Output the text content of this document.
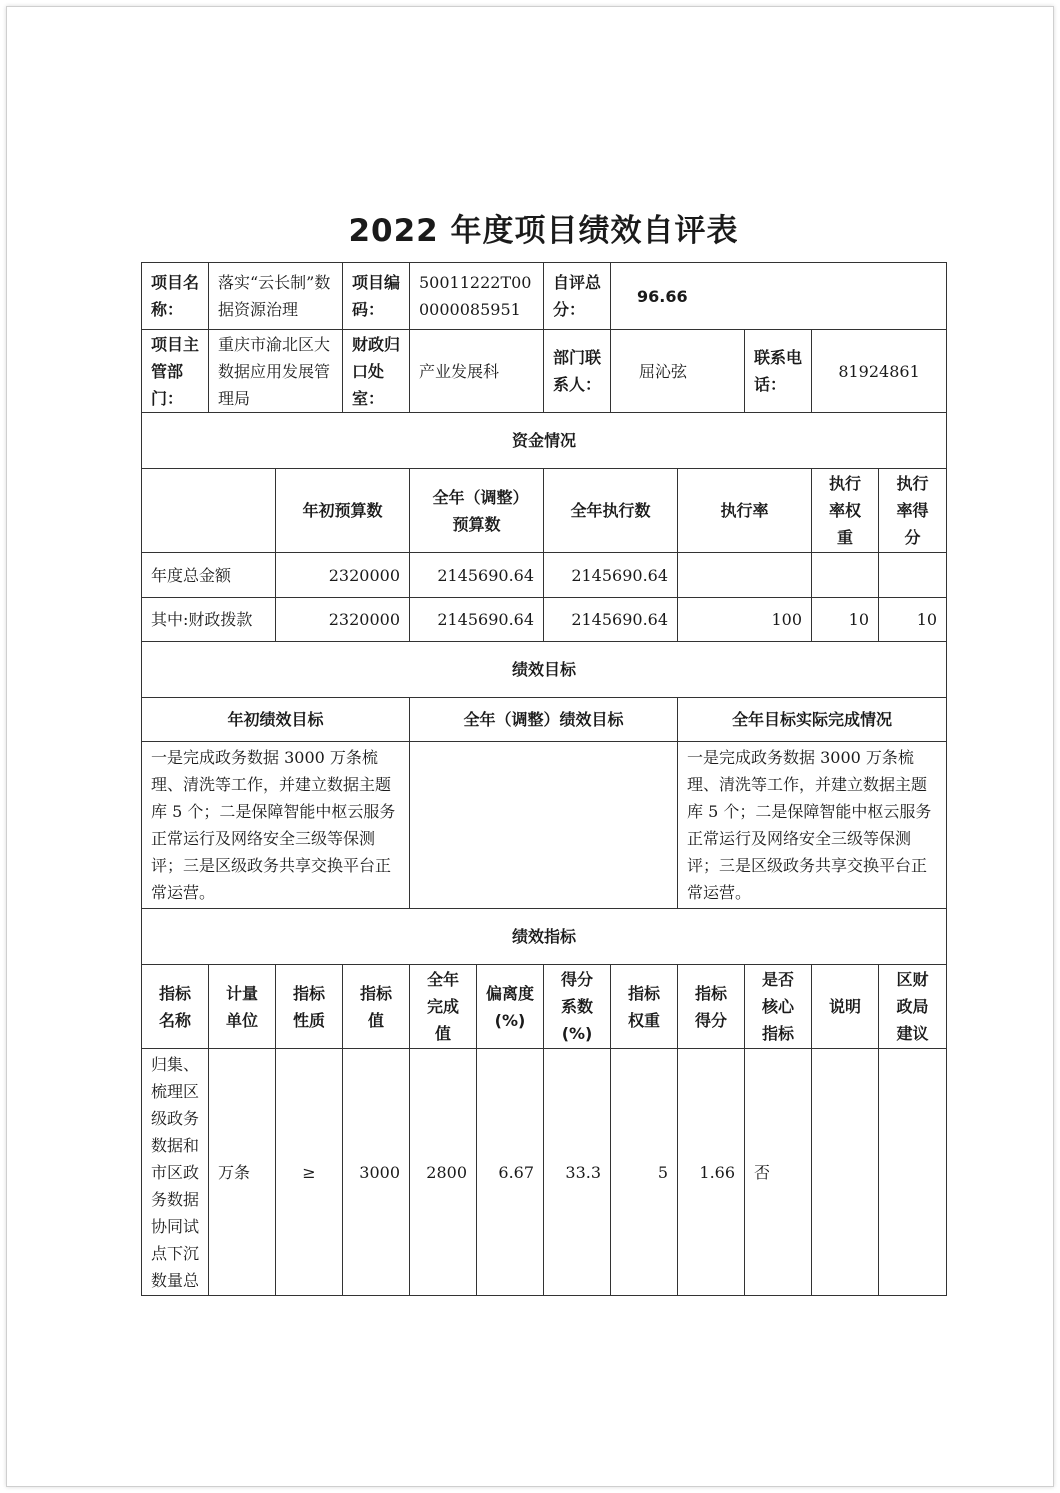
2022 年度项目绩效自评表
项目名称：	落实“云长制”数据资源治理		项目编码：	50011222T000000085951		自评总分：	96.66				
项目主管部门：	重庆市渝北区大数据应用发展管理局		财政归口处室：	产业发展科		部门联系人：	屈沁弦		联系电话：	81924861	
资金情况											
		年初预算数		全年（调整）预算数		全年执行数		执行率		执行率权重	执行率得分
年度总金额		2320000		2145690.64		2145690.64					
其中:财政拨款		2320000		2145690.64		2145690.64		100		10	10
绩效目标											
年初绩效目标				全年（调整）绩效目标				全年目标实际完成情况			
一是完成政务数据 3000 万条梳理、清洗等工作，并建立数据主题库 5 个；二是保障智能中枢云服务正常运行及网络安全三级等保测评；三是区级政务共享交换平台正常运营。								一是完成政务数据 3000 万条梳理、清洗等工作，并建立数据主题库 5 个；二是保障智能中枢云服务正常运行及网络安全三级等保测评；三是区级政务共享交换平台正常运营。			
绩效指标											
指标名称	计量单位	指标性质	指标值	全年完成值	偏离度(%)	得分系数(%)	指标权重	指标得分	是否核心指标	说明	区财政局建议
归集、梳理区级政务数据和市区政务数据协同试点下沉数量总	万条	≥	3000	2800	6.67	33.3	5	1.66	否		
